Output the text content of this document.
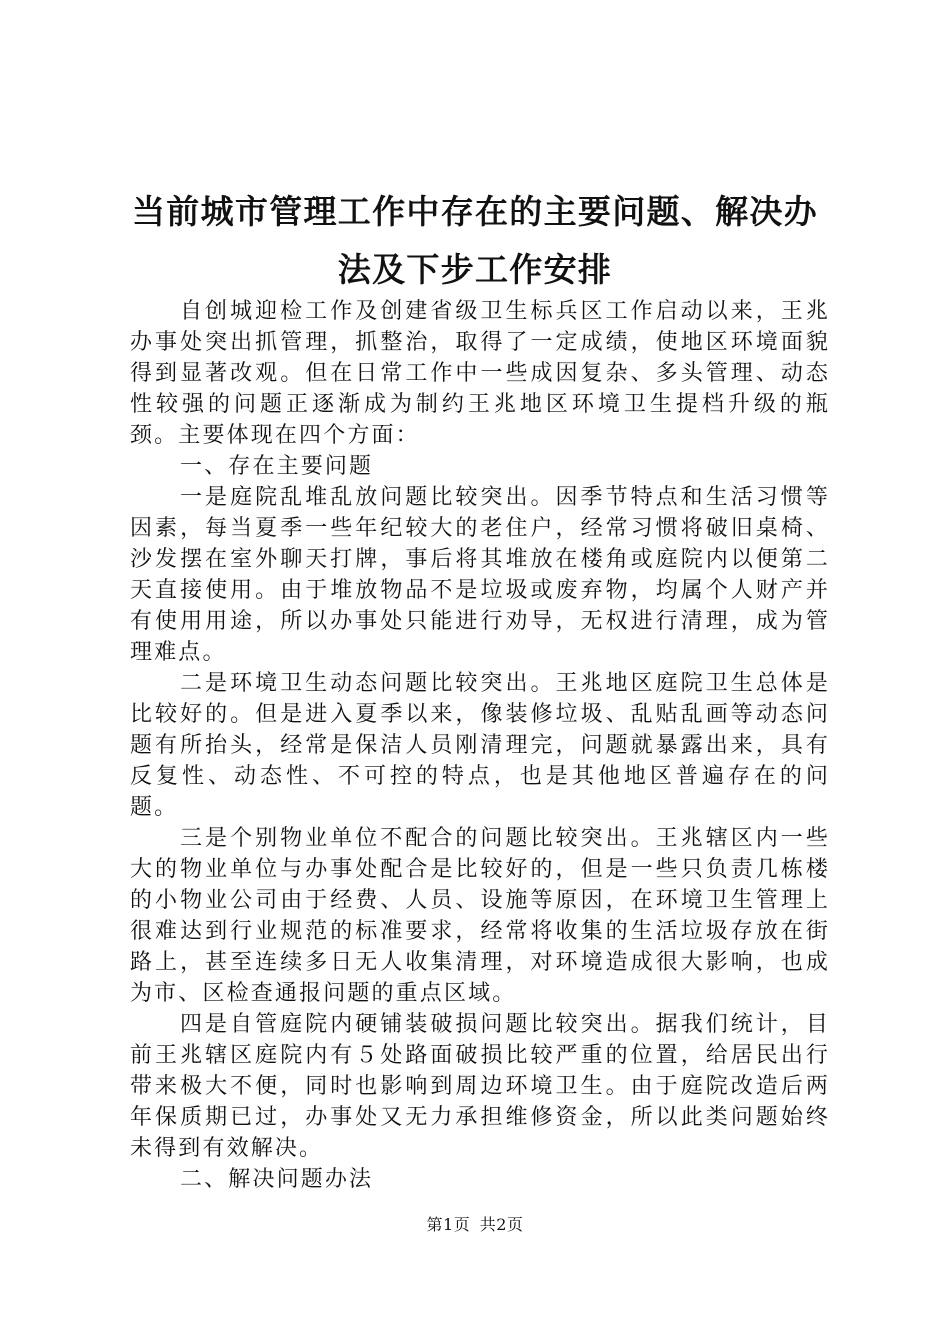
当前城市管理工作中存在的主要问题、解决办
法及下步工作安排

自创城迎检工作及创建省级卫生标兵区工作启动以来，王兆办事处突出抓管理，抓整治，取得了一定成绩，使地区环境面貌得到显著改观。但在日常工作中一些成因复杂、多头管理、动态性较强的问题正逐渐成为制约王兆地区环境卫生提档升级的瓶颈。主要体现在四个方面：

一、存在主要问题

一是庭院乱堆乱放问题比较突出。因季节特点和生活习惯等因素，每当夏季一些年纪较大的老住户，经常习惯将破旧桌椅、沙发摆在室外聊天打牌，事后将其堆放在楼角或庭院内以便第二天直接使用。由于堆放物品不是垃圾或废弃物，均属个人财产并有使用用途，所以办事处只能进行劝导，无权进行清理，成为管理难点。

二是环境卫生动态问题比较突出。王兆地区庭院卫生总体是比较好的。但是进入夏季以来，像装修垃圾、乱贴乱画等动态问题有所抬头，经常是保洁人员刚清理完，问题就暴露出来，具有反复性、动态性、不可控的特点，也是其他地区普遍存在的问题。

三是个别物业单位不配合的问题比较突出。王兆辖区内一些大的物业单位与办事处配合是比较好的，但是一些只负责几栋楼的小物业公司由于经费、人员、设施等原因，在环境卫生管理上很难达到行业规范的标准要求，经常将收集的生活垃圾存放在街路上，甚至连续多日无人收集清理，对环境造成很大影响，也成为市、区检查通报问题的重点区域。

四是自管庭院内硬铺装破损问题比较突出。据我们统计，目前王兆辖区庭院内有５处路面破损比较严重的位置，给居民出行带来极大不便，同时也影响到周边环境卫生。由于庭院改造后两年保质期已过，办事处又无力承担维修资金，所以此类问题始终未得到有效解决。

二、解决问题办法

第1页 共2页
